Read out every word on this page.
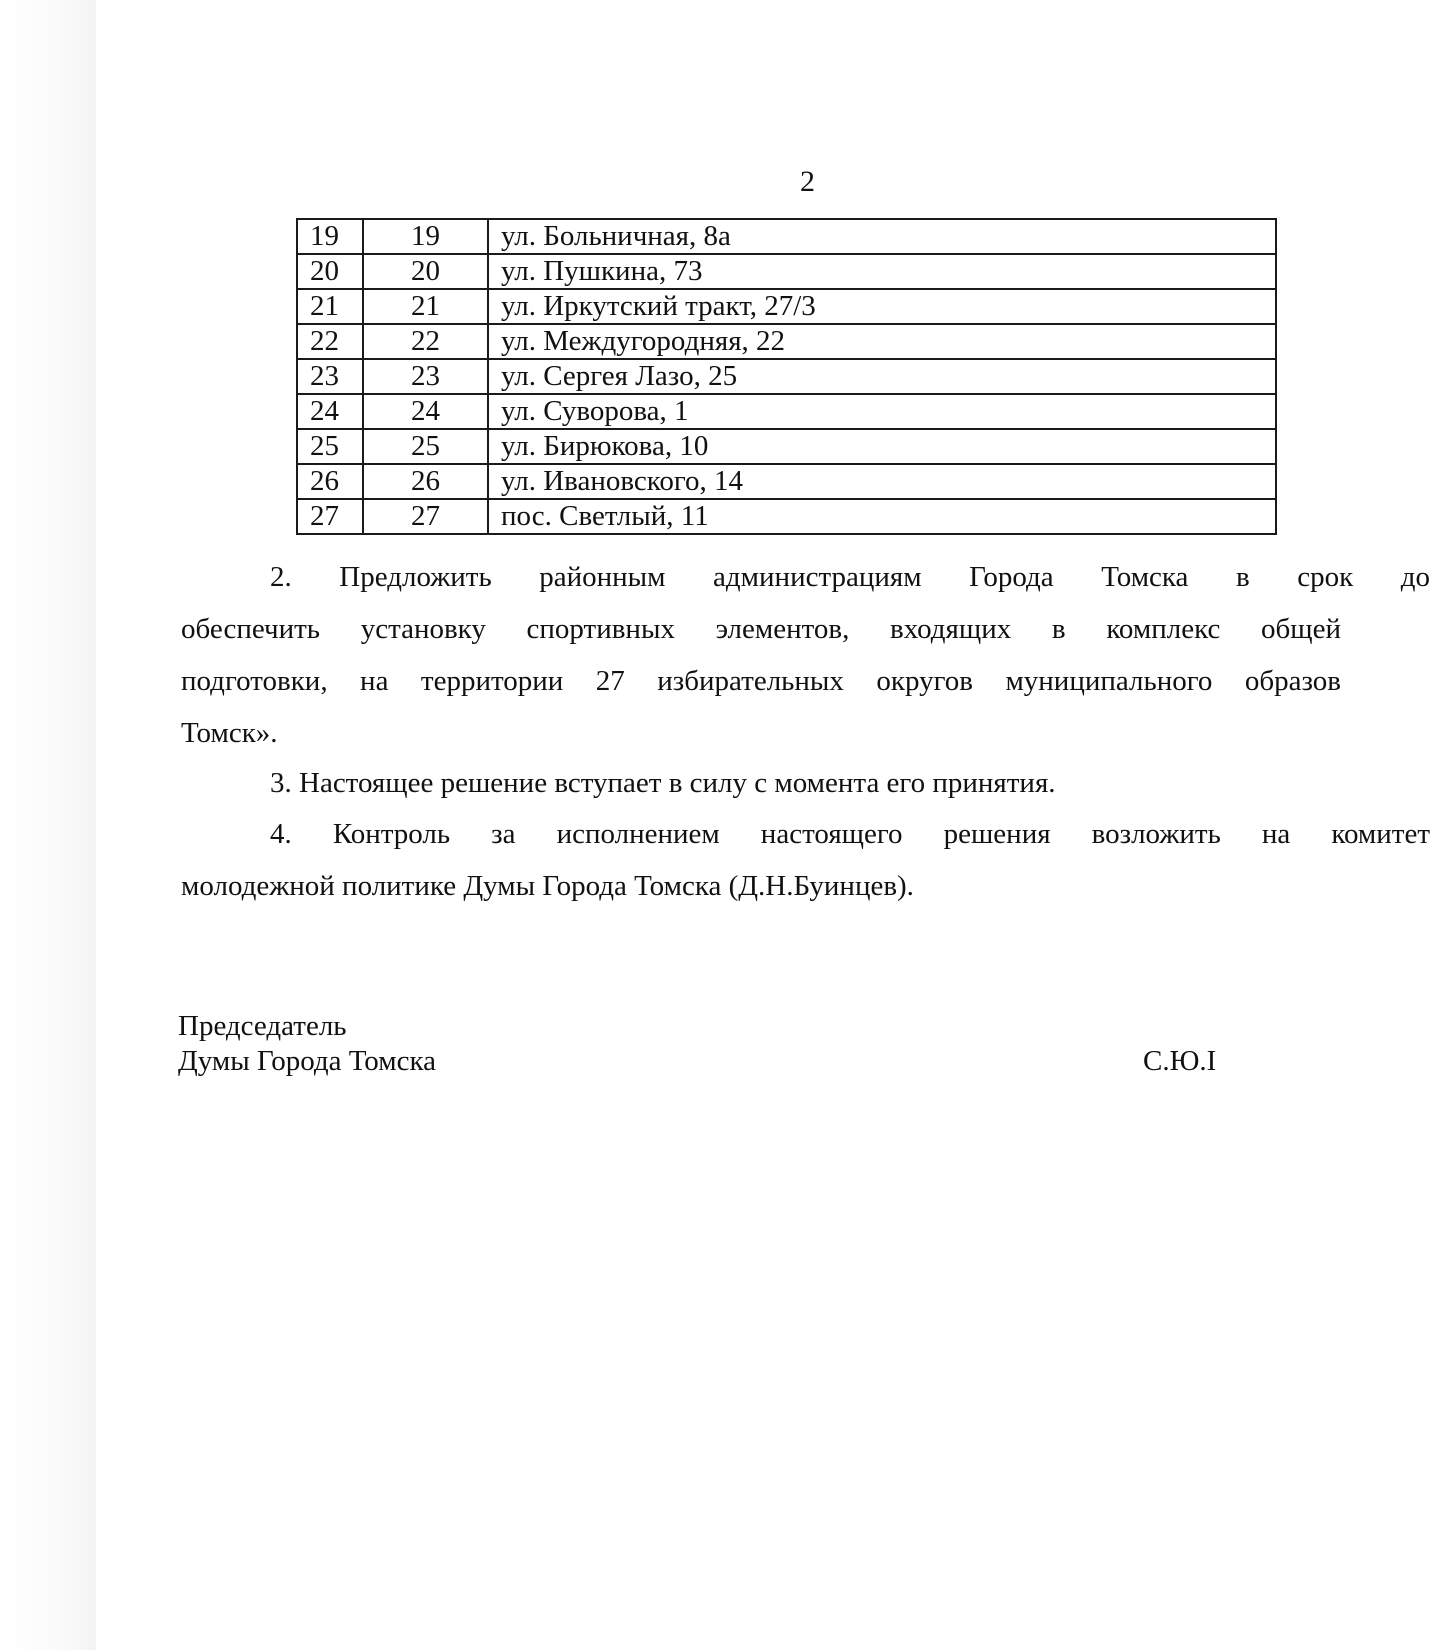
2
19	19	ул. Больничная, 8а
20	20	ул. Пушкина, 73
21	21	ул. Иркутский тракт, 27/3
22	22	ул. Междугородняя, 22
23	23	ул. Сергея Лазо, 25
24	24	ул. Суворова, 1
25	25	ул. Бирюкова, 10
26	26	ул. Ивановского, 14
27	27	пос. Светлый, 11
2. Предложить районным администрациям Города Томска в срок до
обеспечить установку спортивных элементов, входящих в комплекс общей
подготовки, на территории 27 избирательных округов муниципального образов
Томск».
3. Настоящее решение вступает в силу с момента его принятия.
4. Контроль за исполнением настоящего решения возложить на комитет
молодежной политике Думы Города Томска (Д.Н.Буинцев).
Председатель
Думы Города Томска	С.Ю.I
